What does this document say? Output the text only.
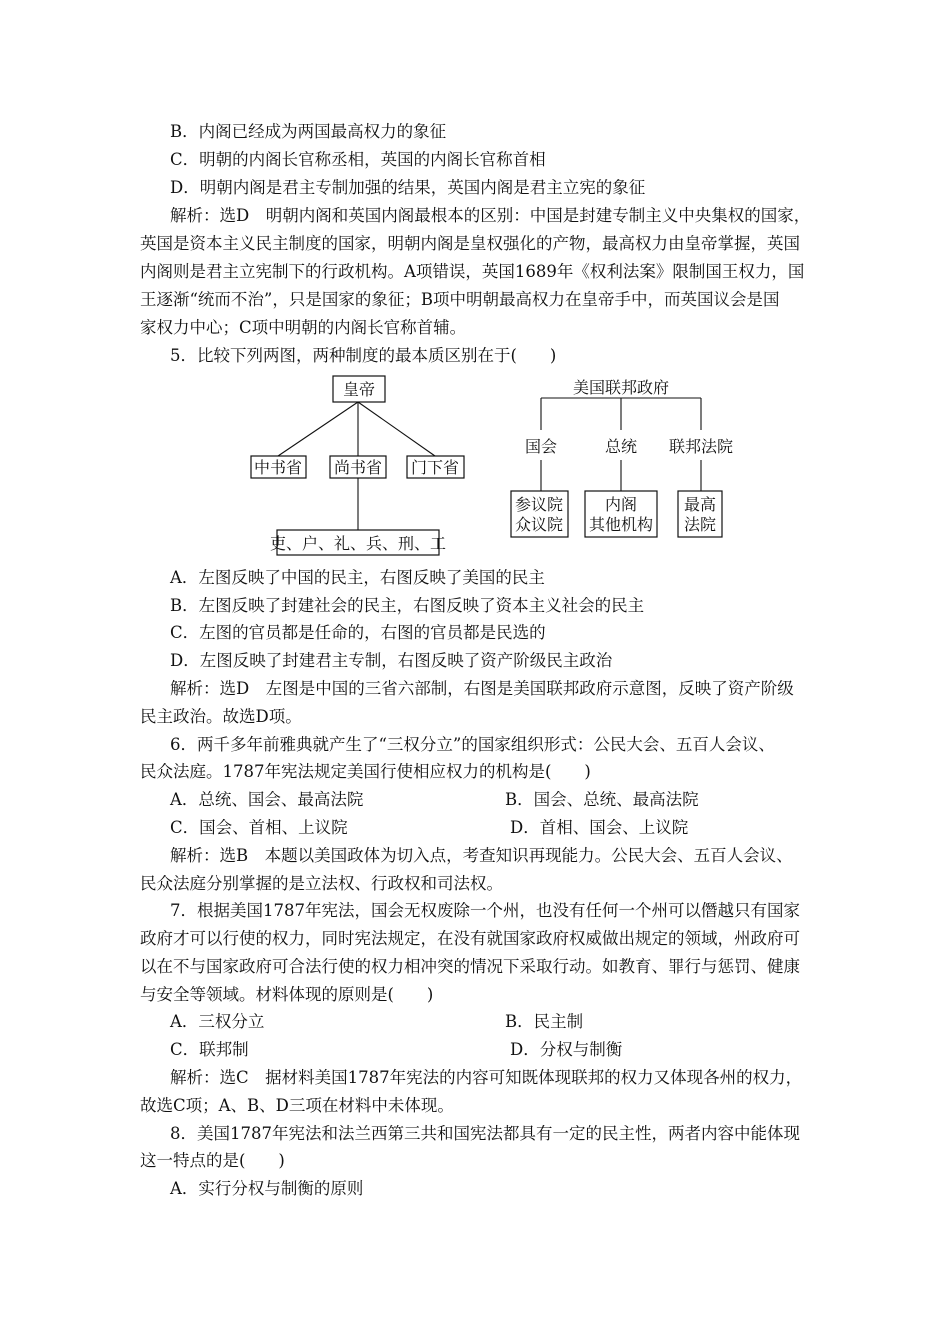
B．内阁已经成为两国最高权力的象征
C．明朝的内阁长官称丞相，英国的内阁长官称首相
D．明朝内阁是君主专制加强的结果，英国内阁是君主立宪的象征
解析：选D　明朝内阁和英国内阁最根本的区别：中国是封建专制主义中央集权的国家，
英国是资本主义民主制度的国家，明朝内阁是皇权强化的产物，最高权力由皇帝掌握，英国
内阁则是君主立宪制下的行政机构。A项错误，英国1689年《权利法案》限制国王权力，国
王逐渐“统而不治”，只是国家的象征；B项中明朝最高权力在皇帝手中，而英国议会是国
家权力中心；C项中明朝的内阁长官称首辅。
5．比较下列两图，两种制度的最本质区别在于(　　)
皇帝
中书省 尚书省 门下省
吏、户、礼、兵、刑、工
美国联邦政府
国会	总统 联邦法院
参议院
众议院
内阁
其他机构
最高
法院
A．左图反映了中国的民主，右图反映了美国的民主
B．左图反映了封建社会的民主，右图反映了资本主义社会的民主
C．左图的官员都是任命的，右图的官员都是民选的
D．左图反映了封建君主专制，右图反映了资产阶级民主政治
解析：选D　左图是中国的三省六部制，右图是美国联邦政府示意图，反映了资产阶级
民主政治。故选D项。
6．两千多年前雅典就产生了“三权分立”的国家组织形式：公民大会、五百人会议、
民众法庭。1787年宪法规定美国行使相应权力的机构是(　　)
A．总统、国会、最高法院	B．国会、总统、最高法院
C．国会、首相、上议院	D．首相、国会、上议院
解析：选B　本题以美国政体为切入点，考查知识再现能力。公民大会、五百人会议、
民众法庭分别掌握的是立法权、行政权和司法权。
7．根据美国1787年宪法，国会无权废除一个州，也没有任何一个州可以僭越只有国家
政府才可以行使的权力，同时宪法规定，在没有就国家政府权威做出规定的领域，州政府可
以在不与国家政府可合法行使的权力相冲突的情况下采取行动。如教育、罪行与惩罚、健康
与安全等领域。材料体现的原则是(　　)
A．三权分立	B．民主制
C．联邦制	D．分权与制衡
解析：选C　据材料美国1787年宪法的内容可知既体现联邦的权力又体现各州的权力，
故选C项；A、B、D三项在材料中未体现。
8．美国1787年宪法和法兰西第三共和国宪法都具有一定的民主性，两者内容中能体现
这一特点的是(　　)
A．实行分权与制衡的原则
